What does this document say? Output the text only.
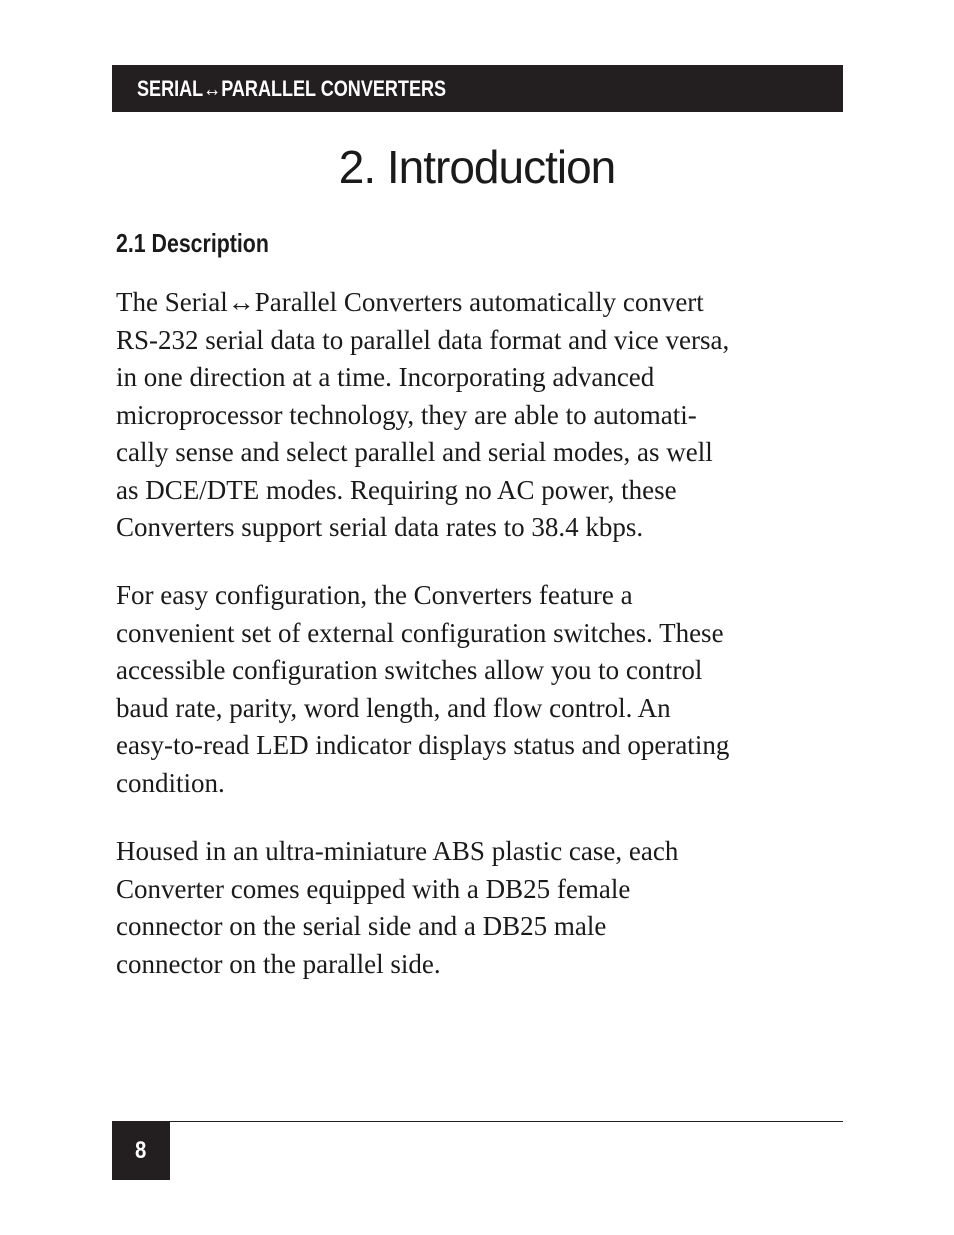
SERIAL↔PARALLEL CONVERTERS
2. Introduction
2.1 Description

The Serial↔Parallel Converters automatically convert
RS-232 serial data to parallel data format and vice versa,
in one direction at a time. Incorporating advanced
microprocessor technology, they are able to automati-
cally sense and select parallel and serial modes, as well
as DCE/DTE modes. Requiring no AC power, these
Converters support serial data rates to 38.4 kbps.

For easy configuration, the Converters feature a
convenient set of external configuration switches. These
accessible configuration switches allow you to control
baud rate, parity, word length, and flow control. An
easy-to-read LED indicator displays status and operating
condition.

Housed in an ultra-miniature ABS plastic case, each
Converter comes equipped with a DB25 female
connector on the serial side and a DB25 male
connector on the parallel side.

8
